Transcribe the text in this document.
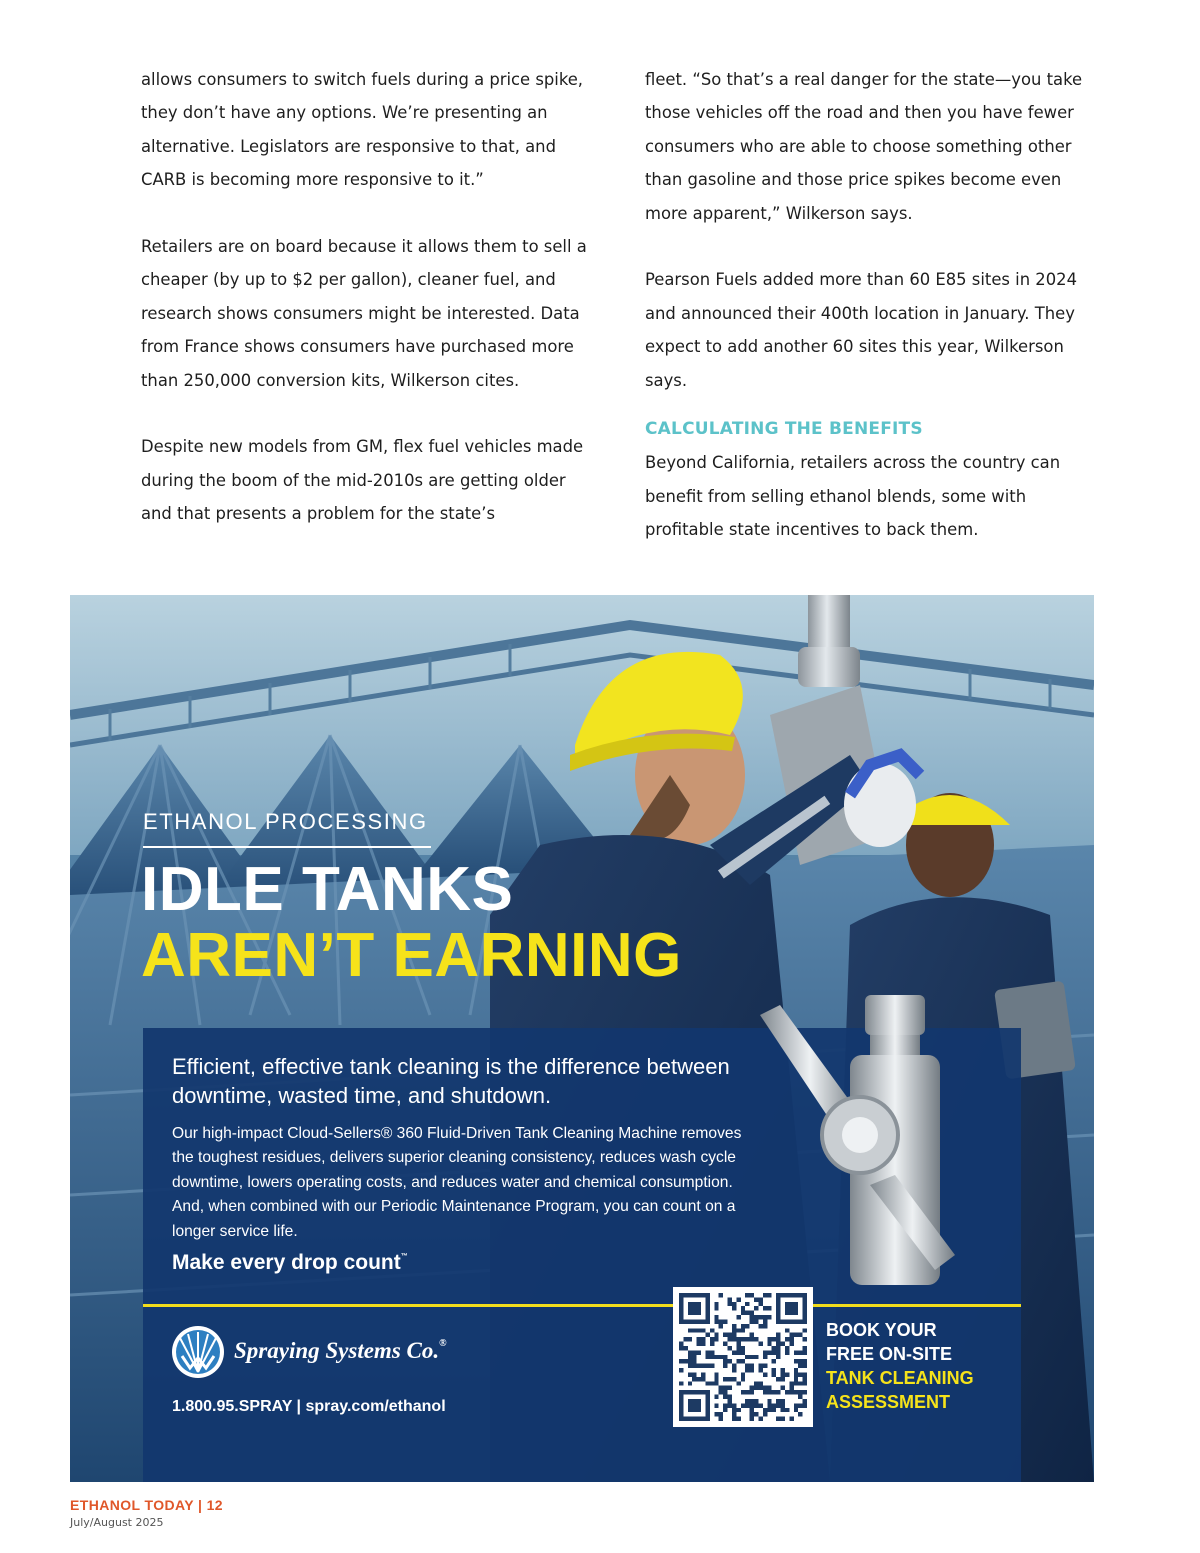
allows consumers to switch fuels during a price spike, they don’t have any options. We’re presenting an alternative. Legislators are responsive to that, and CARB is becoming more responsive to it.”

Retailers are on board because it allows them to sell a cheaper (by up to $2 per gallon), cleaner fuel, and research shows consumers might be interested. Data from France shows consumers have purchased more than 250,000 conversion kits, Wilkerson cites.

Despite new models from GM, flex fuel vehicles made during the boom of the mid-2010s are getting older and that presents a problem for the state’s

fleet. “So that’s a real danger for the state—you take those vehicles off the road and then you have fewer consumers who are able to choose something other than gasoline and those price spikes become even more apparent,” Wilkerson says.

Pearson Fuels added more than 60 E85 sites in 2024 and announced their 400th location in January. They expect to add another 60 sites this year, Wilkerson says.

CALCULATING THE BENEFITS

Beyond California, retailers across the country can benefit from selling ethanol blends, some with profitable state incentives to back them.

ETHANOL PROCESSING
IDLE TANKS
AREN’T EARNING
Efficient, effective tank cleaning is the difference between downtime, wasted time, and shutdown.
Our high-impact Cloud-Sellers® 360 Fluid-Driven Tank Cleaning Machine removes the toughest residues, delivers superior cleaning consistency, reduces wash cycle downtime, lowers operating costs, and reduces water and chemical consumption. And, when combined with our Periodic Maintenance Program, you can count on a longer service life.
Make every drop count™
Spraying Systems Co.®
1.800.95.SPRAY | spray.com/ethanol
BOOK YOUR
FREE ON-SITE
TANK CLEANING
ASSESSMENT
ETHANOL TODAY | 12
July/August 2025
